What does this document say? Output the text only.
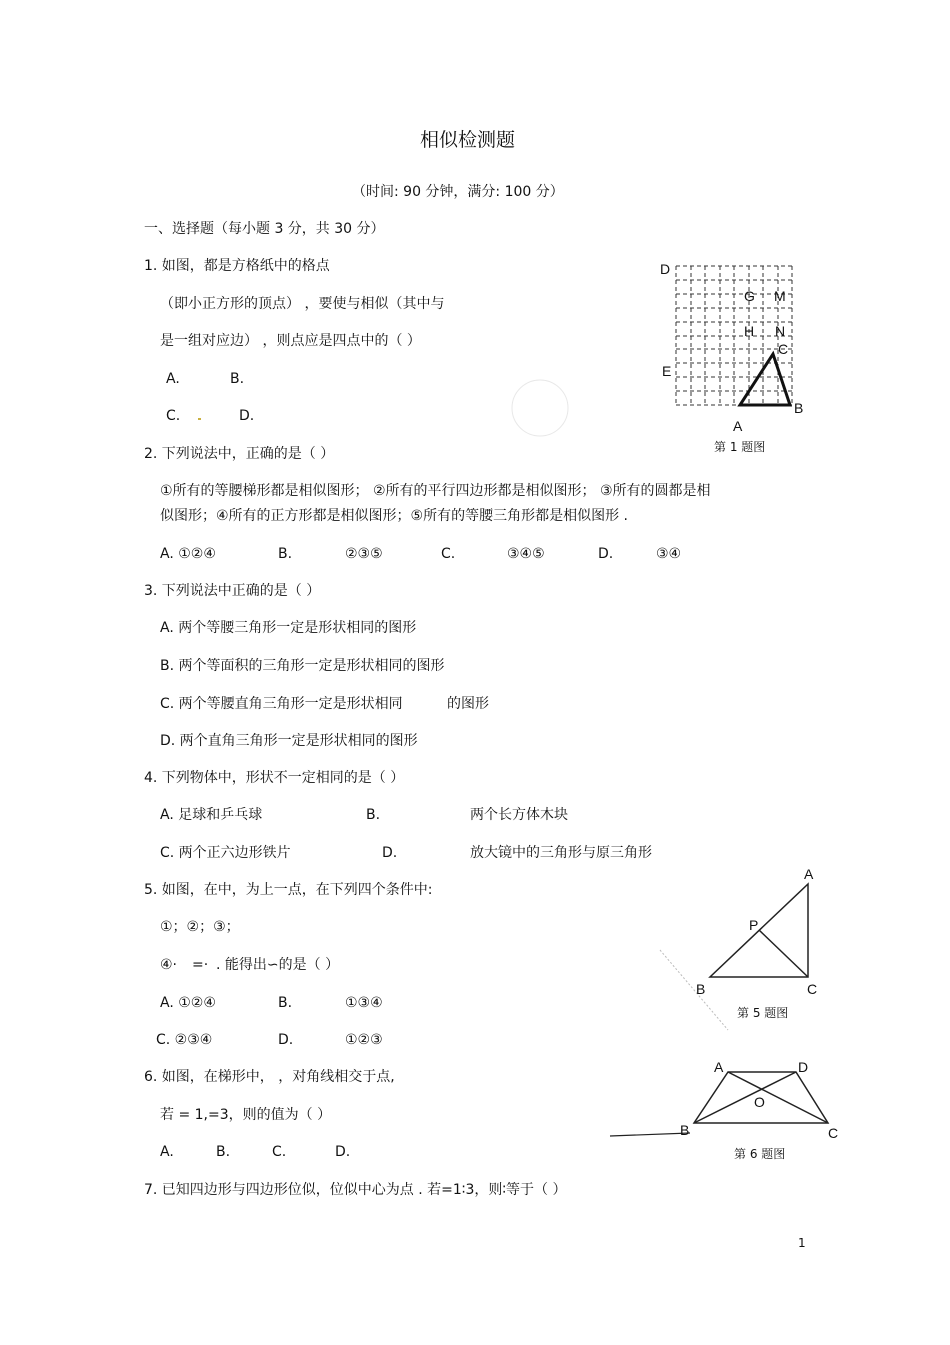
相似检测题
（时间: 90 分钟，满分: 100 分）
一、选择题（每小题 3 分，共 30 分）
1. 如图，都是方格纸中的格点
（即小正方形的顶点） ，要使与相似（其中与
是一组对应边） ，则点应是四点中的（ ）
A.	B.
C.	D.
D
G M
H N
C
E
B
A
第 1 题图
2. 下列说法中，正确的是（ ）
①所有的等腰梯形都是相似图形； ②所有的平行四边形都是相似图形； ③所有的圆都是相
似图形；④所有的正方形都是相似图形；⑤所有的等腰三角形都是相似图形 .
A. ①②④	B.	②③⑤	C.	③④⑤	D.	③④
3. 下列说法中正确的是（ ）
A. 两个等腰三角形一定是形状相同的图形
B. 两个等面积的三角形一定是形状相同的图形
C. 两个等腰直角三角形一定是形状相同	的图形
D. 两个直角三角形一定是形状相同的图形
4. 下列物体中，形状不一定相同的是（ ）
A. 足球和乒乓球	B.	两个长方体木块
C. 两个正六边形铁片	D.	放大镜中的三角形与原三角形
5. 如图，在中，为上一点，在下列四个条件中:
①；②；③；
④· =· . 能得出∽的是（ ）
A. ①②④	B.	①③④
C. ②③④	D.	①②③
A
P
B	C
第 5 题图
6. 如图，在梯形中， ，对角线相交于点,
若 = 1,=3，则的值为（ ）
A.	B.	C.	D.
A	D
O
B	C
第 6 题图
7. 已知四边形与四边形位似，位似中心为点 . 若=1∶3，则∶等于（ ）
1
